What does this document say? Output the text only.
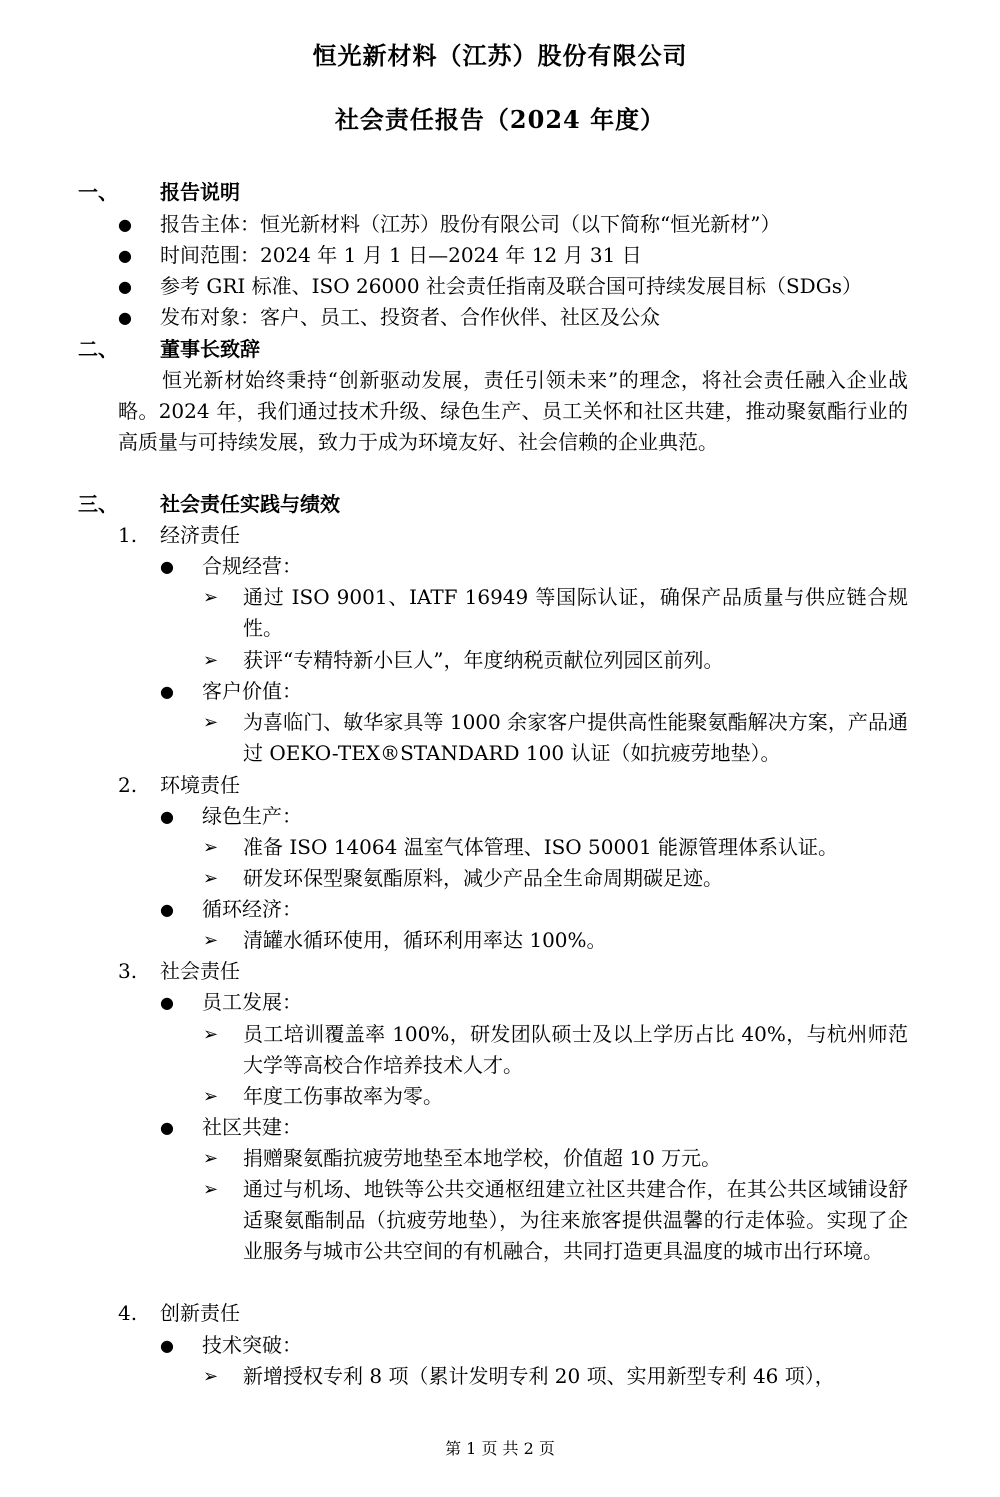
恒光新材料（江苏）股份有限公司
社会责任报告（2024 年度）
一、 报告说明
● 报告主体：恒光新材料（江苏）股份有限公司（以下简称“恒光新材”）
● 时间范围：2024 年 1 月 1 日—2024 年 12 月 31 日
● 参考 GRI 标准、ISO 26000 社会责任指南及联合国可持续发展目标（SDGs）
● 发布对象：客户、员工、投资者、合作伙伴、社区及公众
二、 董事长致辞
恒光新材始终秉持“创新驱动发展，责任引领未来”的理念，将社会责任融入企业战略。2024 年，我们通过技术升级、绿色生产、员工关怀和社区共建，推动聚氨酯行业的高质量与可持续发展，致力于成为环境友好、社会信赖的企业典范。
三、 社会责任实践与绩效
1. 经济责任
● 合规经营：
➢ 通过 ISO 9001、IATF 16949 等国际认证，确保产品质量与供应链合规性。
➢ 获评“专精特新小巨人”，年度纳税贡献位列园区前列。
● 客户价值：
➢ 为喜临门、敏华家具等 1000 余家客户提供高性能聚氨酯解决方案，产品通过 OEKO-TEX®STANDARD 100 认证（如抗疲劳地垫）。
2. 环境责任
● 绿色生产：
➢ 准备 ISO 14064 温室气体管理、ISO 50001 能源管理体系认证。
➢ 研发环保型聚氨酯原料，减少产品全生命周期碳足迹。
● 循环经济：
➢ 清罐水循环使用，循环利用率达 100%。
3. 社会责任
● 员工发展：
➢ 员工培训覆盖率 100%，研发团队硕士及以上学历占比 40%，与杭州师范大学等高校合作培养技术人才。
➢ 年度工伤事故率为零。
● 社区共建：
➢ 捐赠聚氨酯抗疲劳地垫至本地学校，价值超 10 万元。
➢ 通过与机场、地铁等公共交通枢纽建立社区共建合作，在其公共区域铺设舒适聚氨酯制品（抗疲劳地垫），为往来旅客提供温馨的行走体验。实现了企业服务与城市公共空间的有机融合，共同打造更具温度的城市出行环境。
4. 创新责任
● 技术突破：
➢ 新增授权专利 8 项（累计发明专利 20 项、实用新型专利 46 项），
第 1 页 共 2 页
